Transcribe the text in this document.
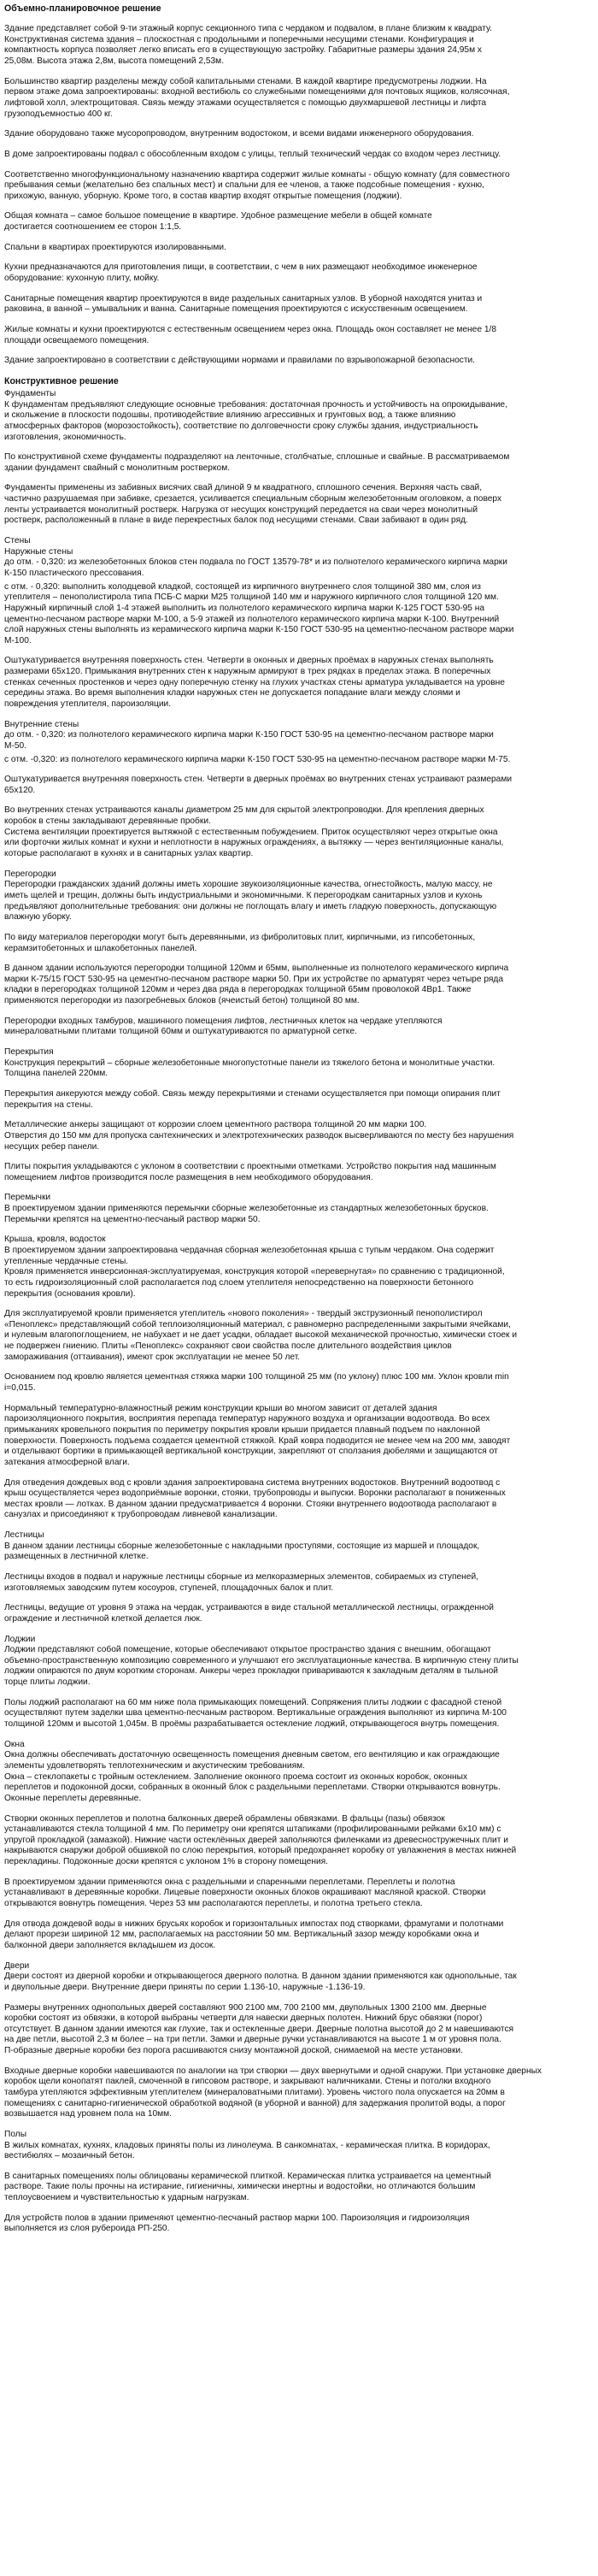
Объемно-планировочное решение
Здание представляет собой 9-ти этажный корпус секционного типа с чердаком и подвалом, в плане близким к квадрату.
Конструктивная система здания – плоскостная с продольными и поперечными несущими стенами. Конфигурация и
компактность корпуса позволяет легко вписать его в существующую застройку. Габаритные размеры здания 24,95м х
25,08м. Высота этажа 2,8м, высота помещений 2,53м.
Большинство квартир разделены между собой капитальными стенами. В каждой квартире предусмотрены лоджии. На
первом этаже дома запроектированы: входной вестибюль со служебными помещениями для почтовых ящиков, колясочная,
лифтовой холл, электрощитовая. Связь между этажами осуществляется с помощью двухмаршевой лестницы и лифта
грузоподъемностью 400 кг.
Здание оборудовано также мусоропроводом, внутренним водостоком, и всеми видами инженерного оборудования.
В доме запроектированы подвал с обособленным входом с улицы, теплый технический чердак со входом через лестницу.
Соответственно многофункциональному назначению квартира содержит жилые комнаты - общую комнату (для совместного
пребывания семьи (желательно без спальных мест) и спальни для ее членов, а также подсобные помещения - кухню,
прихожую, ванную, уборную. Кроме того, в состав квартир входят открытые помещения (лоджии).
Общая комната – самое большое помещение в квартире. Удобное размещение мебели в общей комнате
достигается соотношением ее сторон 1:1,5.
Спальни в квартирах проектируются изолированными.
Кухни предназначаются для приготовления пищи, в соответствии, с чем в них размещают необходимое инженерное
оборудование: кухонную плиту, мойку.
Санитарные помещения квартир проектируются в виде раздельных санитарных узлов. В уборной находятся унитаз и
раковина, в ванной – умывальник и ванна. Санитарные помещения проектируются с искусственным освещением.
Жилые комнаты и кухни проектируются с естественным освещением через окна. Площадь окон составляет не менее 1/8
площади освещаемого помещения.
Здание запроектировано в соответствии с действующими нормами и правилами по взрывопожарной безопасности.
Конструктивное решение
Фундаменты
К фундаментам предъявляют следующие основные требования: достаточная прочность и устойчивость на опрокидывание,
и скольжение в плоскости подошвы, противодействие влиянию агрессивных и грунтовых вод, а также влиянию
атмосферных факторов (морозостойкость), соответствие по долговечности сроку службы здания, индустриальность
изготовления, экономичность.
По конструктивной схеме фундаменты подразделяют на ленточные, столбчатые, сплошные и свайные. В рассматриваемом
здании фундамент свайный с монолитным ростверком.
Фундаменты применены из забивных висячих свай длиной 9 м квадратного, сплошного сечения. Верхняя часть свай,
частично разрушаемая при забивке, срезается, усиливается специальным сборным железобетонным оголовком, а поверх
ленты устраивается монолитный ростверк. Нагрузка от несущих конструкций передается на сваи через монолитный
ростверк, расположенный в плане в виде перекрестных балок под несущими стенами. Сваи забивают в один ряд.
Стены
Наружные стены
до отм. - 0,320: из железобетонных блоков стен подвала по ГОСТ 13579-78* и из полнотелого керамического кирпича марки
К-150 пластического прессования.
с отм. - 0,320: выполнить колодцевой кладкой, состоящей из кирпичного внутреннего слоя толщиной 380 мм, слоя из
утеплителя – пенополистирола типа ПСБ-С марки М25 толщиной 140 мм и наружного кирпичного слоя толщиной 120 мм.
Наружный кирпичный слой 1-4 этажей выполнить из полнотелого керамического кирпича марки К-125 ГОСТ 530-95 на
цементно-песчаном растворе марки М-100, а 5-9 этажей из полнотелого керамического кирпича марки К-100. Внутренний
слой наружных стены выполнять из керамического кирпича марки К-150 ГОСТ 530-95 на цементно-песчаном растворе марки
М-100.
Оштукатуривается внутренняя поверхность стен. Четверти в оконных и дверных проёмах в наружных стенах выполнять
размерами 65х120. Примыкания внутренних стен к наружным армируют в трех рядках в пределах этажа. В поперечных
стенках сеченных простенков и через одну поперечную стенку на глухих участках стены арматура укладывается на уровне
середины этажа. Во время выполнения кладки наружных стен не допускается попадание влаги между слоями и
повреждения утеплителя, пароизоляции.
Внутренние стены
до отм. - 0,320: из полнотелого керамического кирпича марки К-150 ГОСТ 530-95 на цементно-песчаном растворе марки
М-50.
с отм. -0,320: из полнотелого керамического кирпича марки К-150 ГОСТ 530-95 на цементно-песчаном растворе марки М-75.
Оштукатуривается внутренняя поверхность стен. Четверти в дверных проёмах во внутренних стенах устраивают размерами
65х120.
Во внутренних стенах устраиваются каналы диаметром 25 мм для скрытой электропроводки. Для крепления дверных
коробок в стены закладывают деревянные пробки.
Система вентиляции проектируется вытяжной с естественным побуждением. Приток осуществляют через открытые окна
или форточки жилых комнат и кухни и неплотности в наружных ограждениях, а вытяжку — через вентиляционные каналы,
которые располагают в кухнях и в санитарных узлах квартир.
Перегородки
Перегородки гражданских зданий должны иметь хорошие звукоизоляционные качества, огнестойкость, малую массу, не
иметь щелей и трещин, должны быть индустриальными и экономичными. К перегородкам санитарных узлов и кухонь
предъявляют дополнительные требования: они должны не поглощать влагу и иметь гладкую поверхность, допускающую
влажную уборку.
По виду материалов перегородки могут быть деревянными, из фибролитовых плит, кирпичными, из гипсобетонных,
керамзитобетонных и шлакобетонных панелей.
В данном здании используются перегородки толщиной 120мм и 65мм, выполненные из полнотелого керамического кирпича
марки К-75/15 ГОСТ 530-95 на цементно-песчаном растворе марки 50. При их устройстве по арматурят через четыре ряда
кладки в перегородках толщиной 120мм и через два ряда в перегородках толщиной 65мм проволокой 4Вр1. Также
применяются перегородки из пазогребневых блоков (ячеистый бетон) толщиной 80 мм.
Перегородки входных тамбуров, машинного помещения лифтов, лестничных клеток на чердаке утепляются
минераловатными плитами толщиной 60мм и оштукатуриваются по арматурной сетке.
Перекрытия
Конструкция перекрытий – сборные железобетонные многопустотные панели из тяжелого бетона и монолитные участки.
Толщина панелей 220мм.
Перекрытия анкеруются между собой. Связь между перекрытиями и стенами осуществляется при помощи опирания плит
перекрытия на стены.
Металлические анкеры защищают от коррозии слоем цементного раствора толщиной 20 мм марки 100.
Отверстия до 150 мм для пропуска сантехнических и электротехнических разводок высверливаются по месту без нарушения
несущих ребер панели.
Плиты покрытия укладываются с уклоном в соответствии с проектными отметками. Устройство покрытия над машинным
помещением лифтов производится после размещения в нем необходимого оборудования.
Перемычки
В проектируемом здании применяются перемычки сборные железобетонные из стандартных железобетонных брусков.
Перемычки крепятся на цементно-песчаный раствор марки 50.
Крыша, кровля, водосток
В проектируемом здании запроектирована чердачная сборная железобетонная крыша с тупым чердаком. Она содержит
утепленные чердачные стены.
Кровля применяется инверсионная-эксплуатируемая, конструкция которой «перевернутая» по сравнению с традиционной,
то есть гидроизоляционный слой располагается под слоем утеплителя непосредственно на поверхности бетонного
перекрытия (основания кровли).
Для эксплуатируемой кровли применяется утеплитель «нового поколения» - твердый экструзионный пенополистирол
«Пеноплекс» представляющий собой теплоизоляционный материал, с равномерно распределенными закрытыми ячейками,
и нулевым влагопоглощением, не набухает и не дает усадки, обладает высокой механической прочностью, химически стоек и
не подвержен гниению. Плиты «Пеноплекс» сохраняют свои свойства после длительного воздействия циклов
замораживания (оттаивания), имеют срок эксплуатации не менее 50 лет.
Основанием под кровлю является цементная стяжка марки 100 толщиной 25 мм (по уклону) плюс 100 мм. Уклон кровли min
i=0,015.
Нормальный температурно-влажностный режим конструкции крыши во многом зависит от деталей здания
пароизоляционного покрытия, восприятия перепада температур наружного воздуха и организации водоотвода. Во всех
примыканиях кровельного покрытия по периметру покрытия кровли крыши придается плавный подъем по наклонной
поверхности. Поверхность подъема создается цементной стяжкой. Край ковра подводится не менее чем на 200 мм, заводят
и отделывают бортики в примыкающей вертикальной конструкции, закрепляют от сползания дюбелями и защищаются от
затекания атмосферной влаги.
Для отведения дождевых вод с кровли здания запроектирована система внутренних водостоков. Внутренний водоотвод с
крыш осуществляется через водоприёмные воронки, стояки, трубопроводы и выпуски. Воронки располагают в пониженных
местах кровли — лотках. В данном здании предусматривается 4 воронки. Стояки внутреннего водоотвода располагают в
санузлах и присоединяют к трубопроводам ливневой канализации.
Лестницы
В данном здании лестницы сборные железобетонные с накладными проступями, состоящие из маршей и площадок,
размещенных в лестничной клетке.
Лестницы входов в подвал и наружные лестницы сборные из мелкоразмерных элементов, собираемых из ступеней,
изготовляемых заводским путем косоуров, ступеней, площадочных балок и плит.
Лестницы, ведущие от уровня 9 этажа на чердак, устраиваются в виде стальной металлической лестницы, огражденной
ограждение и лестничной клеткой делается люк.
Лоджии
Лоджии представляют собой помещение, которые обеспечивают открытое пространство здания с внешним, обогащают
объемно-пространственную композицию современного и улучшают его эксплуатационные качества. В кирпичную стену плиты
лоджии опираются по двум коротким сторонам. Анкеры через прокладки привариваются к закладным деталям в тыльной
торце плиты лоджии.
Полы лоджий располагают на 60 мм ниже пола примыкающих помещений. Сопряжения плиты лоджии с фасадной стеной
осуществляют путем заделки шва цементно-песчаным раствором. Вертикальные ограждения выполняют из кирпича М-100
толщиной 120мм и высотой 1,045м. В проёмы разрабатывается остекление лоджий, открывающегося внутрь помещения.
Окна
Окна должны обеспечивать достаточную освещенность помещения дневным светом, его вентиляцию и как ограждающие
элементы удовлетворять теплотехническим и акустическим требованиям.
Окна – стеклопакеты с тройным остеклением. Заполнение оконного проема состоит из оконных коробок, оконных
переплетов и подоконной доски, собранных в оконный блок с раздельными переплетами. Створки открываются вовнутрь.
Оконные переплеты деревянные.
Створки оконных переплетов и полотна балконных дверей обрамлены обвязками. В фальцы (пазы) обвязок
устанавливаются стекла толщиной 4 мм. По периметру они крепятся штапиками (профилированными рейками 6х10 мм) с
упругой прокладкой (замазкой). Нижние части остеклённых дверей заполняются филенками из древесностружечных плит и
накрываются снаружи доброй обшивкой по слою перекрытия, который предохраняет коробку от увлажнения в местах нижней
перекладины. Подоконные доски крепятся с уклоном 1% в сторону помещения.
В проектируемом здании применяются окна с раздельными и спаренными переплетами. Переплеты и полотна
устанавливают в деревянные коробки. Лицевые поверхности оконных блоков окрашивают масляной краской. Створки
открываются вовнутрь помещения. Через 53 мм располагаются переплеты, и полотна третьего стекла.
Для отвода дождевой воды в нижних брусьях коробок и горизонтальных импостах под створками, фрамугами и полотнами
делают прорези шириной 12 мм, располагаемых на расстоянии 50 мм. Вертикальный зазор между коробками окна и
балконной двери заполняется вкладышем из досок.
Двери
Двери состоят из дверной коробки и открывающегося дверного полотна. В данном здании применяются как однопольные, так
и двупольные двери. Внутренние двери приняты по серии 1.136-10, наружные -1.136-19.
Размеры внутренних однопольных дверей составляют 900 2100 мм, 700 2100 мм, двупольных 1300 2100 мм. Дверные
коробки состоят из обвязки, в которой выбраны четверти для навески дверных полотен. Нижний брус обвязки (порог)
отсутствует. В данном здании имеются как глухие, так и остекленные двери. Дверные полотна высотой до 2 м навешиваются
на две петли, высотой 2,3 м более – на три петли. Замки и дверные ручки устанавливаются на высоте 1 м от уровня пола.
П-образные дверные коробки без порога расшиваются снизу монтажной доской, снимаемой на месте установки.
Входные дверные коробки навешиваются по аналогии на три створки — двух ввернутыми и одной снаружи. При установке дверных
коробок щели конопатят паклей, смоченной в гипсовом растворе, и закрывают наличниками. Стены и потолки входного
тамбура утепляются эффективным утеплителем (минераловатными плитами). Уровень чистого пола опускается на 20мм в
помещениях с санитарно-гигиенической обработкой водяной (в уборной и ванной) для задержания пролитой воды, а порог
возвышается над уровнем пола на 10мм.
Полы
В жилых комнатах, кухнях, кладовых приняты полы из линолеума. В санкомнатах, - керамическая плитка. В коридорах,
вестибюлях – мозаичный бетон.
В санитарных помещениях полы облицованы керамической плиткой. Керамическая плитка устраивается на цементный
растворе. Такие полы прочны на истирание, гигиеничны, химически инертны и водостойки, но отличаются большим
теплоусвоением и чувствительностью к ударным нагрузкам.
Для устройств полов в здании применяют цементно-песчаный раствор марки 100. Пароизоляция и гидроизоляция
выполняется из слоя рубероида РП-250.
